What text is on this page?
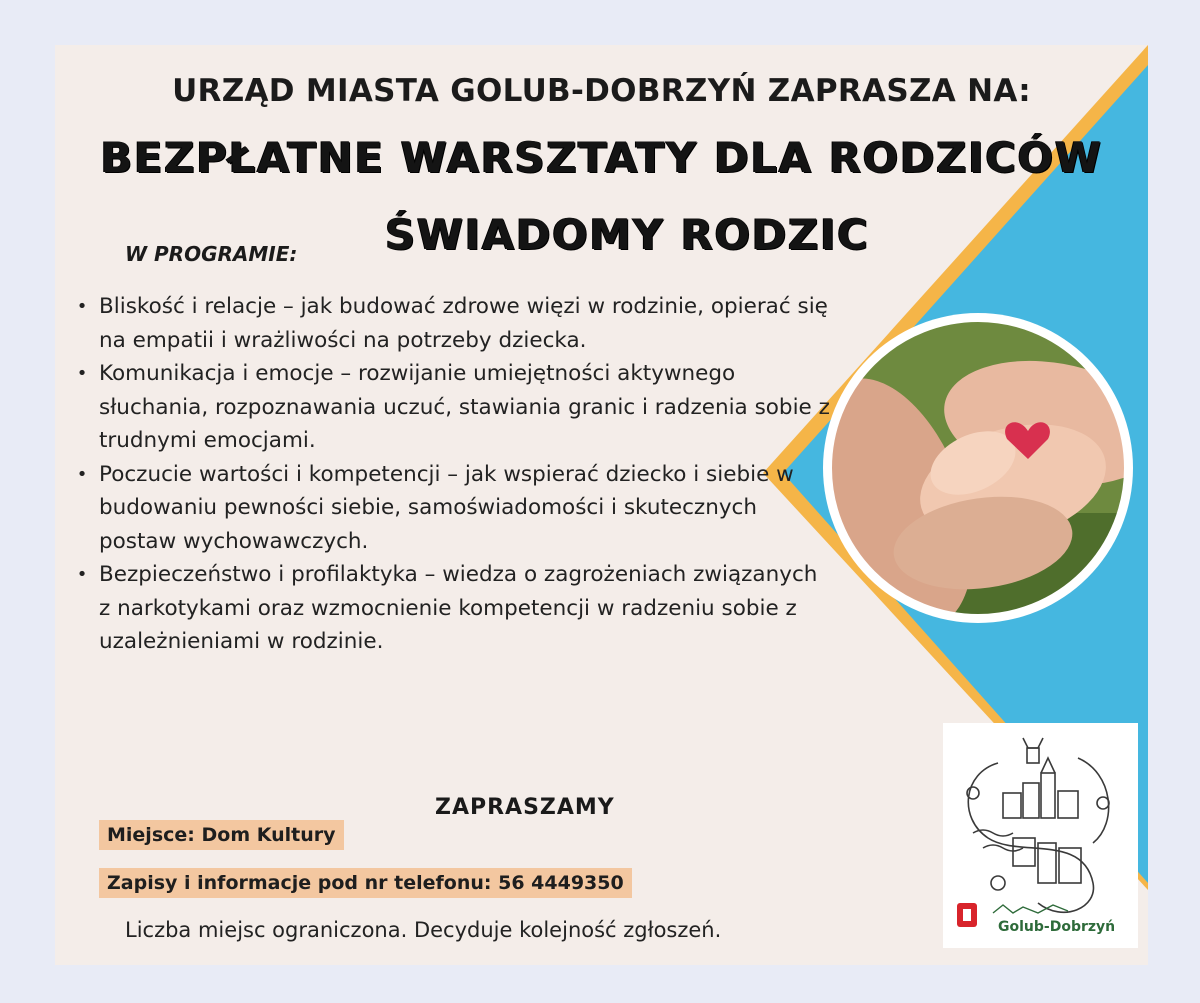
URZĄD MIASTA GOLUB-DOBRZYŃ ZAPRASZA NA:
BEZPŁATNE WARSZTATY DLA RODZICÓW
ŚWIADOMY RODZIC
W PROGRAMIE:
• Bliskość i relacje – jak budować zdrowe więzi w rodzinie, opierać się na empatii i wrażliwości na potrzeby dziecka.
• Komunikacja i emocje – rozwijanie umiejętności aktywnego słuchania, rozpoznawania uczuć, stawiania granic i radzenia sobie z trudnymi emocjami.
• Poczucie wartości i kompetencji – jak wspierać dziecko i siebie w budowaniu pewności siebie, samoświadomości i skutecznych postaw wychowawczych.
• Bezpieczeństwo i profilaktyka – wiedza o zagrożeniach związanych z narkotykami oraz wzmocnienie kompetencji w radzeniu sobie z uzależnieniami w rodzinie.
ZAPRASZAMY
Miejsce: Dom Kultury
Zapisy i informacje pod nr telefonu: 56 4449350
Liczba miejsc ograniczona. Decyduje kolejność zgłoszeń.	Golub-Dobrzyń
